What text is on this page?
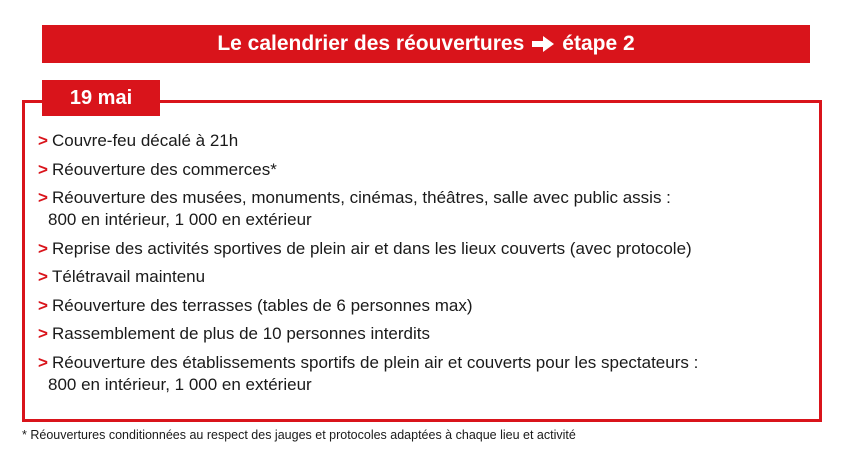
Le calendrier des réouvertures étape 2
19 mai
> Couvre-feu décalé à 21h
> Réouverture des commerces*
> Réouverture des musées, monuments, cinémas, théâtres, salle avec public assis :
800 en intérieur, 1 000 en extérieur
> Reprise des activités sportives de plein air et dans les lieux couverts (avec protocole)
> Télétravail maintenu
> Réouverture des terrasses (tables de 6 personnes max)
> Rassemblement de plus de 10 personnes interdits
> Réouverture des établissements sportifs de plein air et couverts pour les spectateurs :
800 en intérieur, 1 000 en extérieur
* Réouvertures conditionnées au respect des jauges et protocoles adaptées à chaque lieu et activité
